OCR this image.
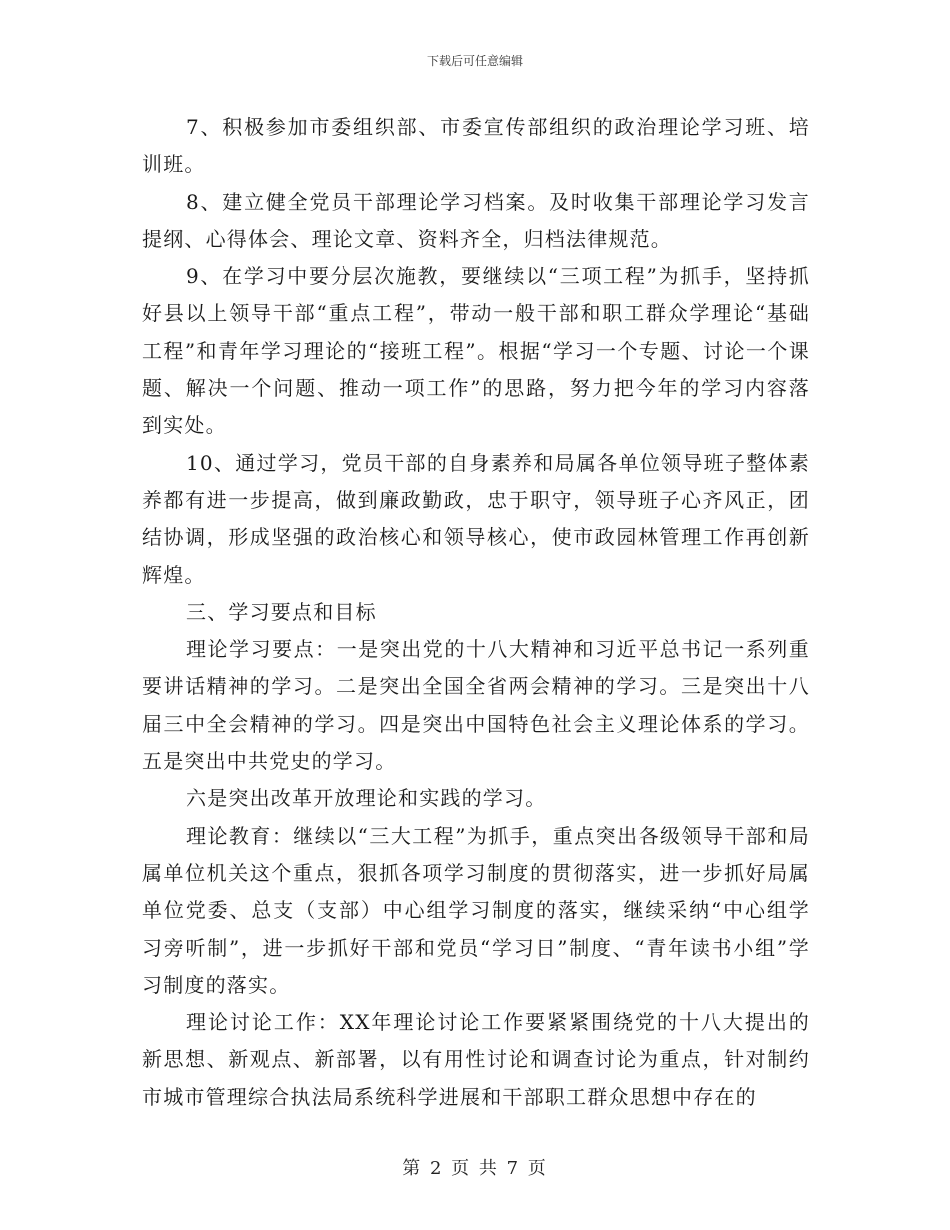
下载后可任意编辑

7、积极参加市委组织部、市委宣传部组织的政治理论学习班、培训班。

8、建立健全党员干部理论学习档案。及时收集干部理论学习发言提纲、心得体会、理论文章、资料齐全，归档法律规范。

9、在学习中要分层次施教，要继续以“三项工程”为抓手，坚持抓好县以上领导干部“重点工程”，带动一般干部和职工群众学理论“基础工程”和青年学习理论的“接班工程”。根据“学习一个专题、讨论一个课题、解决一个问题、推动一项工作”的思路，努力把今年的学习内容落到实处。

10、通过学习，党员干部的自身素养和局属各单位领导班子整体素养都有进一步提高，做到廉政勤政，忠于职守，领导班子心齐风正，团结协调，形成坚强的政治核心和领导核心，使市政园林管理工作再创新辉煌。

三、学习要点和目标

理论学习要点：一是突出党的十八大精神和习近平总书记一系列重要讲话精神的学习。二是突出全国全省两会精神的学习。三是突出十八届三中全会精神的学习。四是突出中国特色社会主义理论体系的学习。五是突出中共党史的学习。

六是突出改革开放理论和实践的学习。

理论教育：继续以“三大工程”为抓手，重点突出各级领导干部和局属单位机关这个重点，狠抓各项学习制度的贯彻落实，进一步抓好局属单位党委、总支（支部）中心组学习制度的落实，继续采纳“中心组学习旁听制”，进一步抓好干部和党员“学习日”制度、“青年读书小组”学习制度的落实。

理论讨论工作：XX年理论讨论工作要紧紧围绕党的十八大提出的新思想、新观点、新部署，以有用性讨论和调查讨论为重点，针对制约市城市管理综合执法局系统科学进展和干部职工群众思想中存在的

第 2 页 共 7 页
